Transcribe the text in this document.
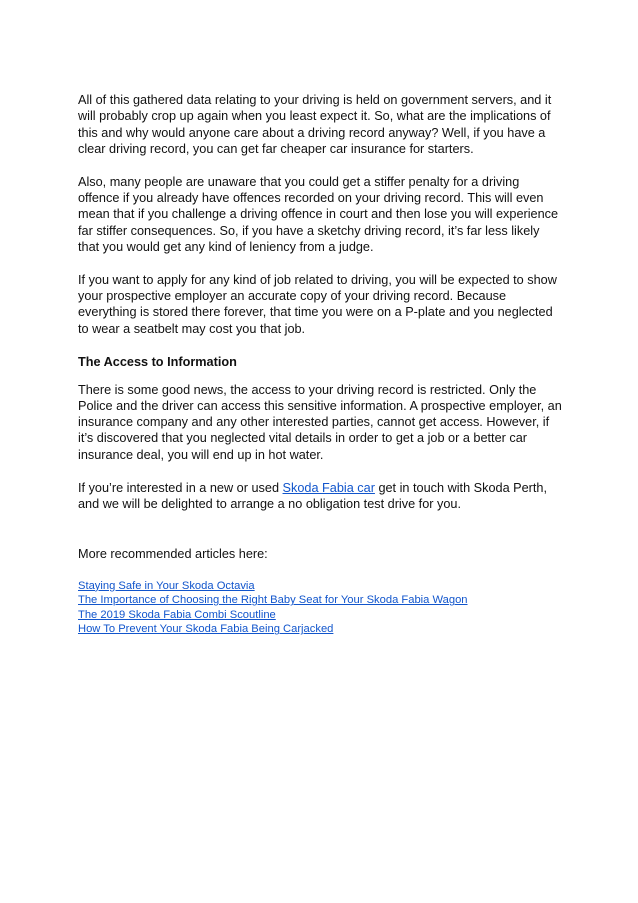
All of this gathered data relating to your driving is held on government servers, and it will probably crop up again when you least expect it. So, what are the implications of this and why would anyone care about a driving record anyway? Well, if you have a clear driving record, you can get far cheaper car insurance for starters.

Also, many people are unaware that you could get a stiffer penalty for a driving offence if you already have offences recorded on your driving record. This will even mean that if you challenge a driving offence in court and then lose you will experience far stiffer consequences. So, if you have a sketchy driving record, it’s far less likely that you would get any kind of leniency from a judge.

If you want to apply for any kind of job related to driving, you will be expected to show your prospective employer an accurate copy of your driving record. Because everything is stored there forever, that time you were on a P-plate and you neglected to wear a seatbelt may cost you that job.

The Access to Information

There is some good news, the access to your driving record is restricted. Only the Police and the driver can access this sensitive information. A prospective employer, an insurance company and any other interested parties, cannot get access. However, if it’s discovered that you neglected vital details in order to get a job or a better car insurance deal, you will end up in hot water.

If you’re interested in a new or used Skoda Fabia car get in touch with Skoda Perth, and we will be delighted to arrange a no obligation test drive for you.

More recommended articles here:

Staying Safe in Your Skoda Octavia
The Importance of Choosing the Right Baby Seat for Your Skoda Fabia Wagon
The 2019 Skoda Fabia Combi Scoutline
How To Prevent Your Skoda Fabia Being Carjacked
